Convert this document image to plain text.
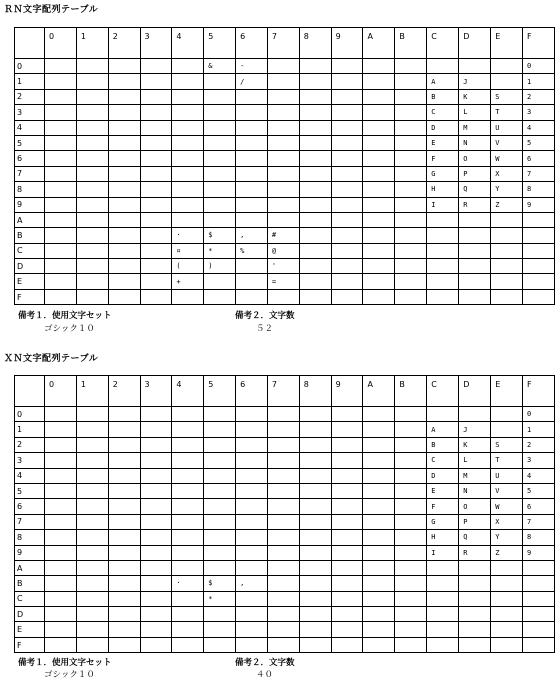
ＲＮ文字配列テーブル
	0	1	2	3	4	5	6	7	8	9	A	B	C	D	E	F
0						&	-									0
1							/						A	J		1
2													B	K	S	2
3													C	L	T	3
4													D	M	U	4
5													E	N	V	5
6													F	O	W	6
7													G	P	X	7
8													H	Q	Y	8
9													I	R	Z	9
A																
B					·	$	,	#								
C					¤	*	%	@								
D					(	)		'								
E					+			=								
F																
備考１．使用文字セット
ゴシック１０
備考２．文字数
５２
ＸＮ文字配列テーブル
	0	1	2	3	4	5	6	7	8	9	A	B	C	D	E	F
0																0
1													A	J		1
2													B	K	S	2
3													C	L	T	3
4													D	M	U	4
5													E	N	V	5
6													F	O	W	6
7													G	P	X	7
8													H	Q	Y	8
9													I	R	Z	9
A																
B					·	$	,									
C						*										
D																
E																
F																
備考１．使用文字セット
ゴシック１０
備考２．文字数
４０
